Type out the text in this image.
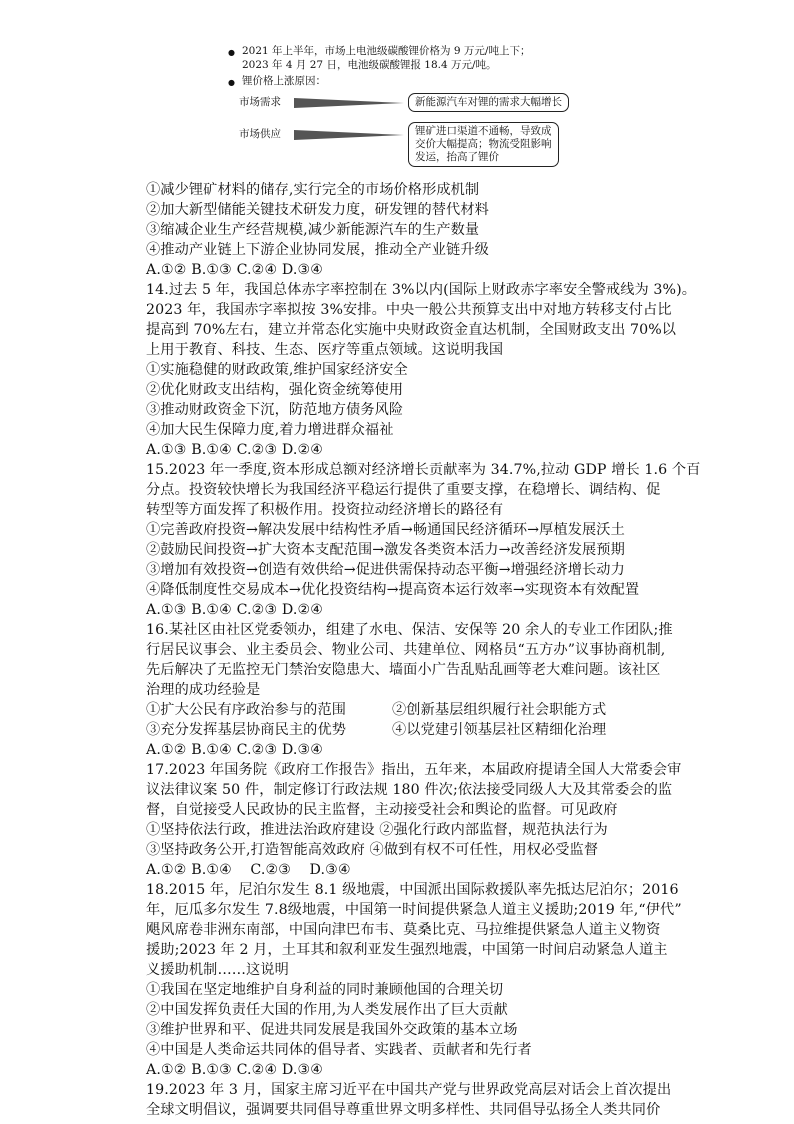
● 2021 年上半年，市场上电池级碳酸锂价格为 9 万元/吨上下；
2023 年 4 月 27 日，电池级碳酸锂报 18.4 万元/吨。
● 锂价格上涨原因：
市场需求	新能源汽车对锂的需求大幅增长
市场供应	锂矿进口渠道不通畅，导致成
交价大幅提高；物流受阻影响
发运，抬高了锂价
①减少锂矿材料的储存,实行完全的市场价格形成机制
②加大新型储能关键技术研发力度，研发锂的替代材料
③缩减企业生产经营规模,减少新能源汽车的生产数量
④推动产业链上下游企业协同发展，推动全产业链升级
A.①② B.①③ C.②④ D.③④
14.过去 5 年，我国总体赤字率控制在 3%以内(国际上财政赤字率安全警戒线为 3%)。
2023 年，我国赤字率拟按 3%安排。中央一般公共预算支出中对地方转移支付占比
提高到 70%左右，建立并常态化实施中央财政资金直达机制，全国财政支出 70%以
上用于教育、科技、生态、医疗等重点领域。这说明我国
①实施稳健的财政政策,维护国家经济安全
②优化财政支出结构，强化资金统筹使用
③推动财政资金下沉，防范地方债务风险
④加大民生保障力度,着力增进群众福祉
A.①③ B.①④ C.②③ D.②④
15.2023 年一季度,资本形成总额对经济增长贡献率为 34.7%,拉动 GDP 增长 1.6 个百
分点。投资较快增长为我国经济平稳运行提供了重要支撑，在稳增长、调结构、促
转型等方面发挥了积极作用。投资拉动经济增长的路径有
①完善政府投资→解决发展中结构性矛盾→畅通国民经济循环→厚植发展沃土
②鼓励民间投资→扩大资本支配范围→激发各类资本活力→改善经济发展预期
③增加有效投资→创造有效供给→促进供需保持动态平衡→增强经济增长动力
④降低制度性交易成本→优化投资结构→提高资本运行效率→实现资本有效配置
A.①③ B.①④ C.②③ D.②④
16.某社区由社区党委领办，组建了水电、保洁、安保等 20 余人的专业工作团队;推
行居民议事会、业主委员会、物业公司、共建单位、网格员“五方办”议事协商机制,
先后解决了无监控无门禁治安隐患大、墙面小广告乱贴乱画等老大难问题。该社区
治理的成功经验是
①扩大公民有序政治参与的范围	②创新基层组织履行社会职能方式
③充分发挥基层协商民主的优势	④以党建引领基层社区精细化治理
A.①② B.①④ C.②③ D.③④
17.2023 年国务院《政府工作报告》指出，五年来，本届政府提请全国人大常委会审
议法律议案 50 件，制定修订行政法规 180 件次;依法接受同级人大及其常委会的监
督，自觉接受人民政协的民主监督，主动接受社会和舆论的监督。可见政府
①坚持依法行政，推进法治政府建设 ②强化行政内部监督，规范执法行为
③坚持政务公开,打造智能高效政府 ④做到有权不可任性，用权必受监督
A.①② B.①④    C.②③    D.③④
18.2015 年，尼泊尔发生 8.1 级地震，中国派出国际救援队率先抵达尼泊尔；2016
年，厄瓜多尔发生 7.8级地震，中国第一时间提供紧急人道主义援助;2019 年,“伊代”
飓风席卷非洲东南部，中国向津巴布韦、莫桑比克、马拉维提供紧急人道主义物资
援助;2023 年 2 月，土耳其和叙利亚发生强烈地震，中国第一时间启动紧急人道主
义援助机制……这说明
①我国在坚定地维护自身利益的同时兼顾他国的合理关切
②中国发挥负责任大国的作用,为人类发展作出了巨大贡献
③维护世界和平、促进共同发展是我国外交政策的基本立场
④中国是人类命运共同体的倡导者、实践者、贡献者和先行者
A.①② B.①③ C.②④ D.③④
19.2023 年 3 月，国家主席习近平在中国共产党与世界政党高层对话会上首次提出
全球文明倡议，强调要共同倡导尊重世界文明多样性、共同倡导弘扬全人类共同价
